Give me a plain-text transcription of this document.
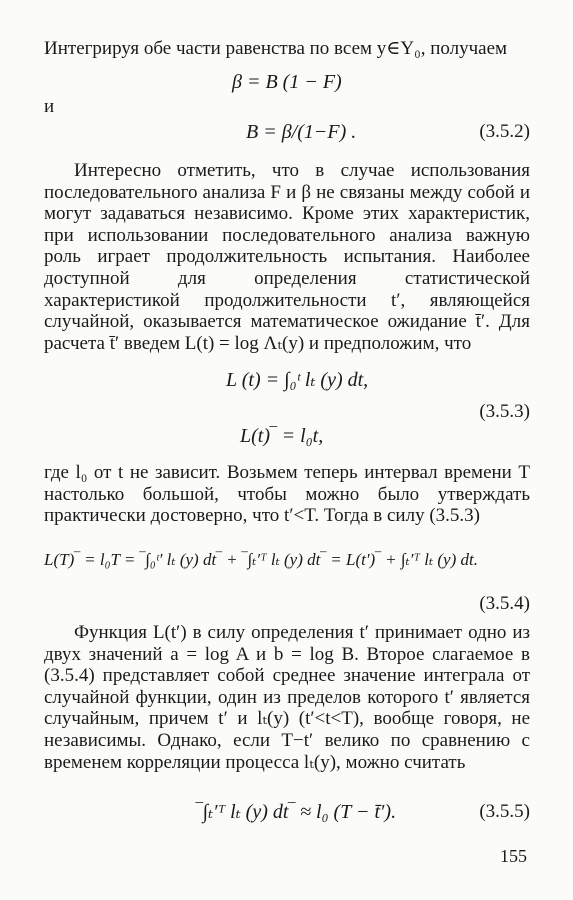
Интегрируя обе части равенства по всем y∈Y₀, получаем

β = B (1 − F)

и

B = β/(1−F) .	(3.5.2)

Интересно отметить, что в случае использования последовательного анализа F и β не связаны между собой и могут задаваться независимо. Кроме этих характеристик, при использовании последовательного анализа важную роль играет продолжительность испытания. Наиболее доступной для определения статистической характеристикой продолжительности t′, являющейся случайной, оказывается математическое ожидание t̄′. Для расчета t̄′ введем L(t) = log Λₜ(y) и предположим, что

L (t) = ∫₀ᵗ lₜ (y) dt,

(3.5.3)

L(t)‾ = l₀t,

где l₀ от t не зависит. Возьмем теперь интервал времени T настолько большой, чтобы можно было утверждать практически достоверно, что t′<T. Тогда в силу (3.5.3)

L(T)‾ = l₀T = ‾∫₀ᵗ′ lₜ (y) dt‾ + ‾∫ₜ′ᵀ lₜ (y) dt‾ = L(t′)‾ + ∫ₜ′ᵀ lₜ (y) dt.

(3.5.4)

Функция L(t′) в силу определения t′ принимает одно из двух значений a = log A и b = log B. Второе слагаемое в (3.5.4) представляет собой среднее значение интеграла от случайной функции, один из пределов которого t′ является случайным, причем t′ и lₜ(y) (t′<t<T), вообще говоря, не независимы. Однако, если T−t′ велико по сравнению с временем корреляции процесса lₜ(y), можно считать

‾∫ₜ′ᵀ lₜ (y) dt‾ ≈ l₀ (T − t̄′).	(3.5.5)

155
